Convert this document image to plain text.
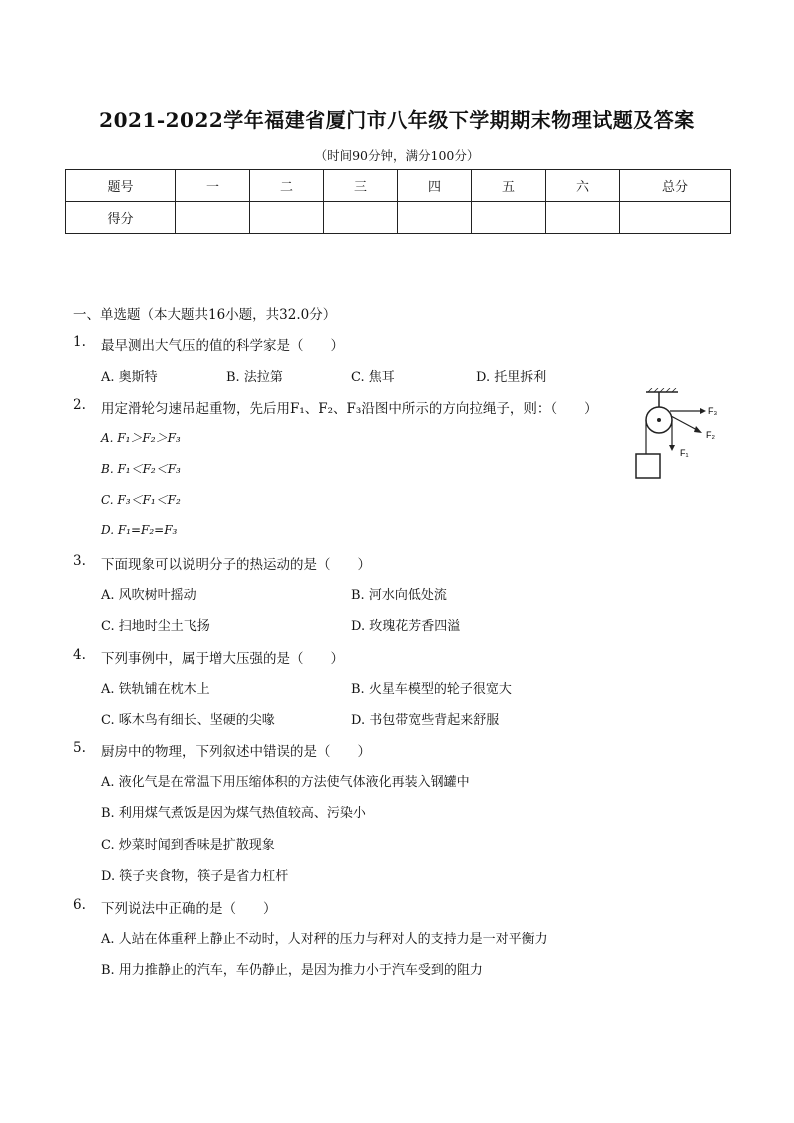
2021-2022学年福建省厦门市八年级下学期期末物理试题及答案
（时间90分钟，满分100分）
题号	一	二	三	四	五	六	总分
得分							
一、单选题（本大题共16小题，共32.0分）
1. 最早测出大气压的值的科学家是（　　）
A. 奥斯特	B. 法拉第	C. 焦耳	D. 托里拆利
2. 用定滑轮匀速吊起重物，先后用F₁、F₂、F₃沿图中所示的方向拉绳子，则：（　　）
A. F₁＞F₂＞F₃
B. F₁＜F₂＜F₃
C. F₃＜F₁＜F₂
D. F₁=F₂=F₃
F₃
F₂
F₁
3. 下面现象可以说明分子的热运动的是（　　）
A. 风吹树叶摇动	B. 河水向低处流
C. 扫地时尘土飞扬	D. 玫瑰花芳香四溢
4. 下列事例中，属于增大压强的是（　　）
A. 铁轨铺在枕木上	B. 火星车模型的轮子很宽大
C. 啄木鸟有细长、坚硬的尖喙	D. 书包带宽些背起来舒服
5. 厨房中的物理，下列叙述中错误的是（　　）
A. 液化气是在常温下用压缩体积的方法使气体液化再装入钢罐中
B. 利用煤气煮饭是因为煤气热值较高、污染小
C. 炒菜时闻到香味是扩散现象
D. 筷子夹食物，筷子是省力杠杆
6. 下列说法中正确的是（　　）
A. 人站在体重秤上静止不动时，人对秤的压力与秤对人的支持力是一对平衡力
B. 用力推静止的汽车，车仍静止，是因为推力小于汽车受到的阻力
